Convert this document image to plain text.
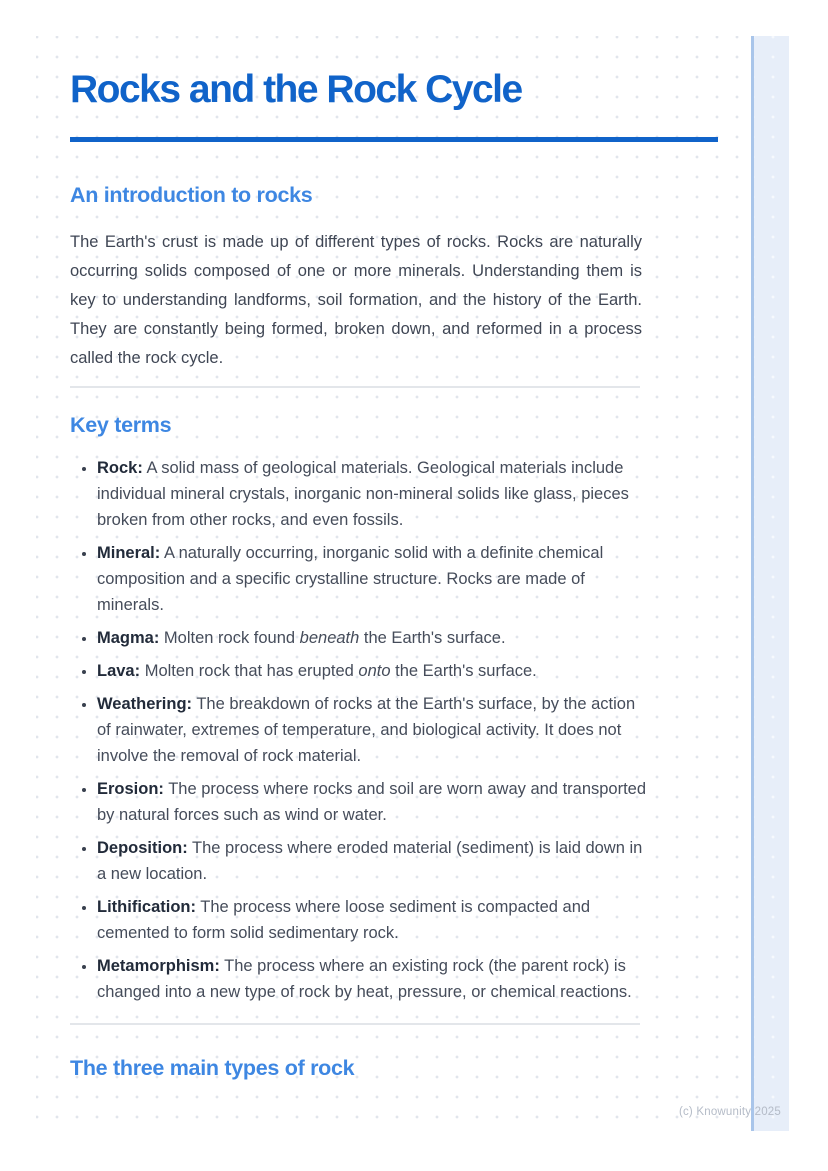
Rocks and the Rock Cycle
An introduction to rocks

The Earth's crust is made up of different types of rocks. Rocks are naturally occurring solids composed of one or more minerals. Understanding them is key to understanding landforms, soil formation, and the history of the Earth. They are constantly being formed, broken down, and reformed in a process called the rock cycle.

Key terms
• Rock: A solid mass of geological materials. Geological materials include individual mineral crystals, inorganic non-mineral solids like glass, pieces broken from other rocks, and even fossils.
• Mineral: A naturally occurring, inorganic solid with a definite chemical composition and a specific crystalline structure. Rocks are made of minerals.
• Magma: Molten rock found beneath the Earth's surface.
• Lava: Molten rock that has erupted onto the Earth's surface.
• Weathering: The breakdown of rocks at the Earth's surface, by the action of rainwater, extremes of temperature, and biological activity. It does not involve the removal of rock material.
• Erosion: The process where rocks and soil are worn away and transported by natural forces such as wind or water.
• Deposition: The process where eroded material (sediment) is laid down in a new location.
• Lithification: The process where loose sediment is compacted and cemented to form solid sedimentary rock.
• Metamorphism: The process where an existing rock (the parent rock) is changed into a new type of rock by heat, pressure, or chemical reactions.
The three main types of rock
(c) Knowunity 2025
